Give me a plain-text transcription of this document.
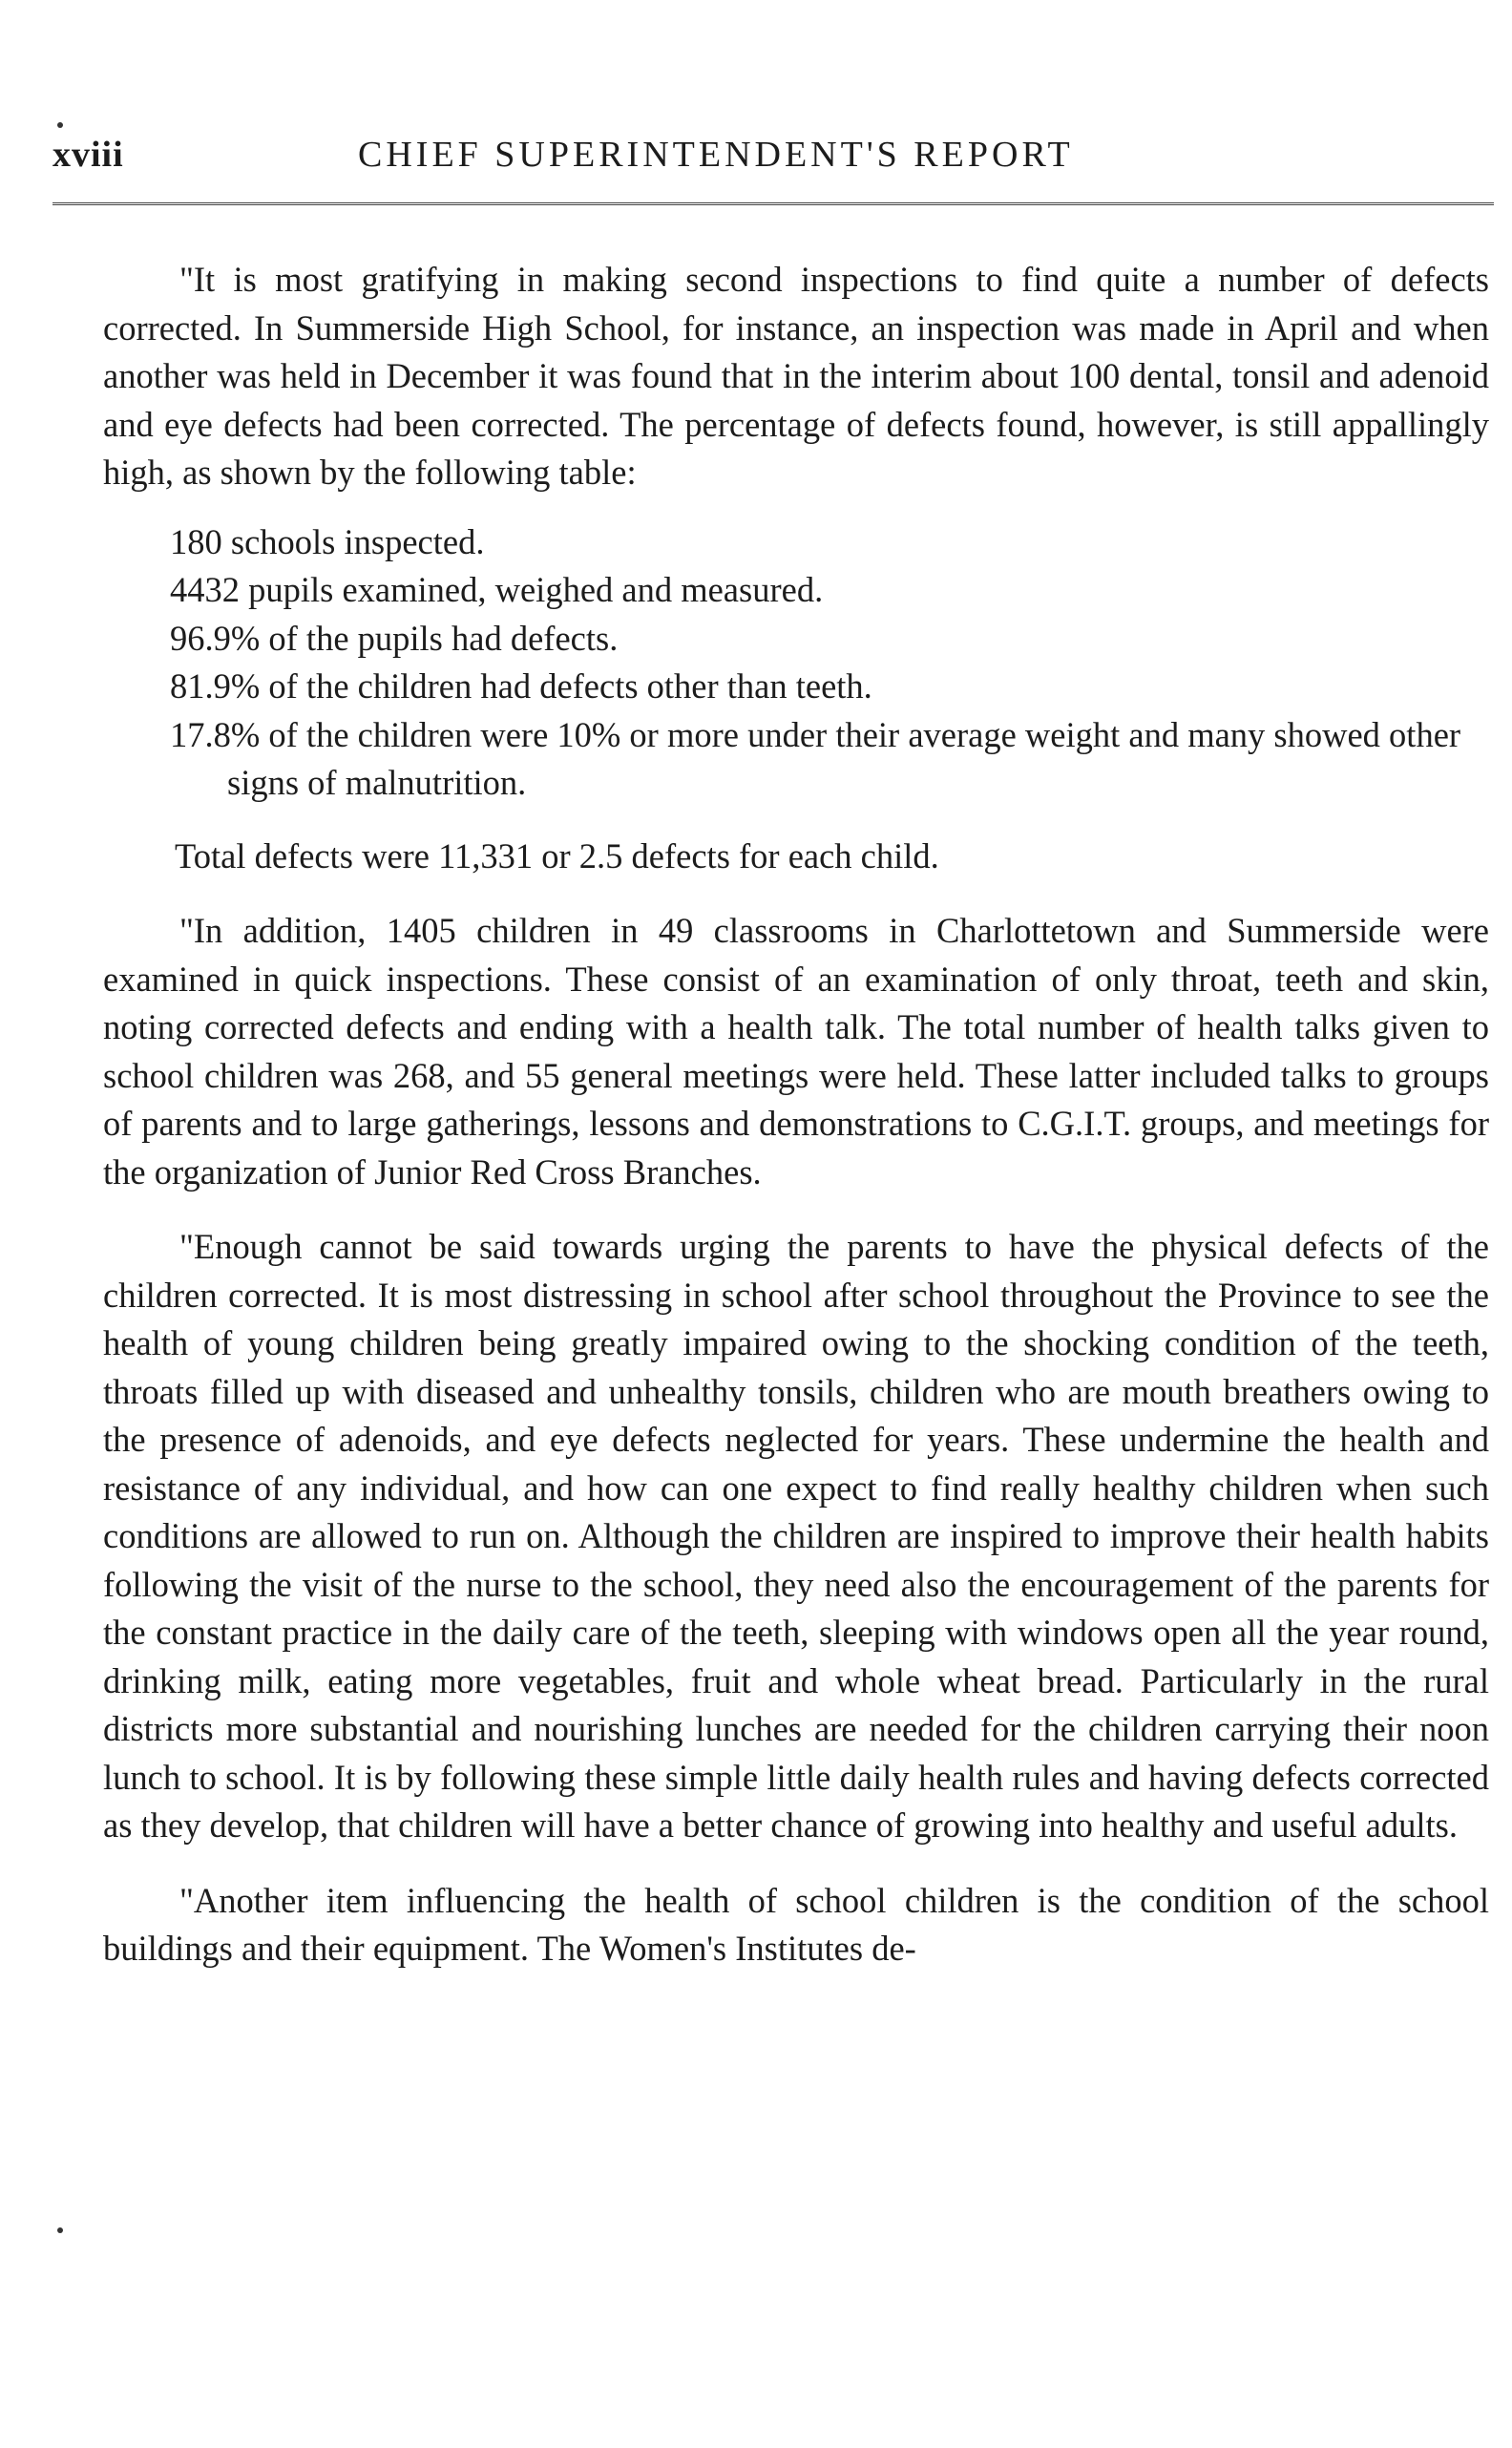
xviii	CHIEF SUPERINTENDENT'S REPORT

"It is most gratifying in making second inspections to find quite a number of defects corrected. In Summerside High School, for instance, an inspection was made in April and when another was held in December it was found that in the interim about 100 dental, tonsil and adenoid and eye defects had been corrected. The percentage of defects found, however, is still appallingly high, as shown by the following table:

180 schools inspected.
4432 pupils examined, weighed and measured.
96.9% of the pupils had defects.
81.9% of the children had defects other than teeth.
17.8% of the children were 10% or more under their average weight and many showed other signs of malnutrition.
Total defects were 11,331 or 2.5 defects for each child.

"In addition, 1405 children in 49 classrooms in Charlottetown and Summerside were examined in quick inspections. These consist of an examination of only throat, teeth and skin, noting corrected defects and ending with a health talk. The total number of health talks given to school children was 268, and 55 general meetings were held. These latter included talks to groups of parents and to large gatherings, lessons and demonstrations to C.G.I.T. groups, and meetings for the organization of Junior Red Cross Branches.

"Enough cannot be said towards urging the parents to have the physical defects of the children corrected. It is most distressing in school after school throughout the Province to see the health of young children being greatly impaired owing to the shocking condition of the teeth, throats filled up with diseased and unhealthy tonsils, children who are mouth breathers owing to the presence of adenoids, and eye defects neglected for years. These undermine the health and resistance of any individual, and how can one expect to find really healthy children when such conditions are allowed to run on. Although the children are inspired to improve their health habits following the visit of the nurse to the school, they need also the encouragement of the parents for the constant practice in the daily care of the teeth, sleeping with windows open all the year round, drinking milk, eating more vegetables, fruit and whole wheat bread. Particularly in the rural districts more substantial and nourishing lunches are needed for the children carrying their noon lunch to school. It is by following these simple little daily health rules and having defects corrected as they develop, that children will have a better chance of growing into healthy and useful adults.

"Another item influencing the health of school children is the condition of the school buildings and their equipment. The Women's Institutes de-
